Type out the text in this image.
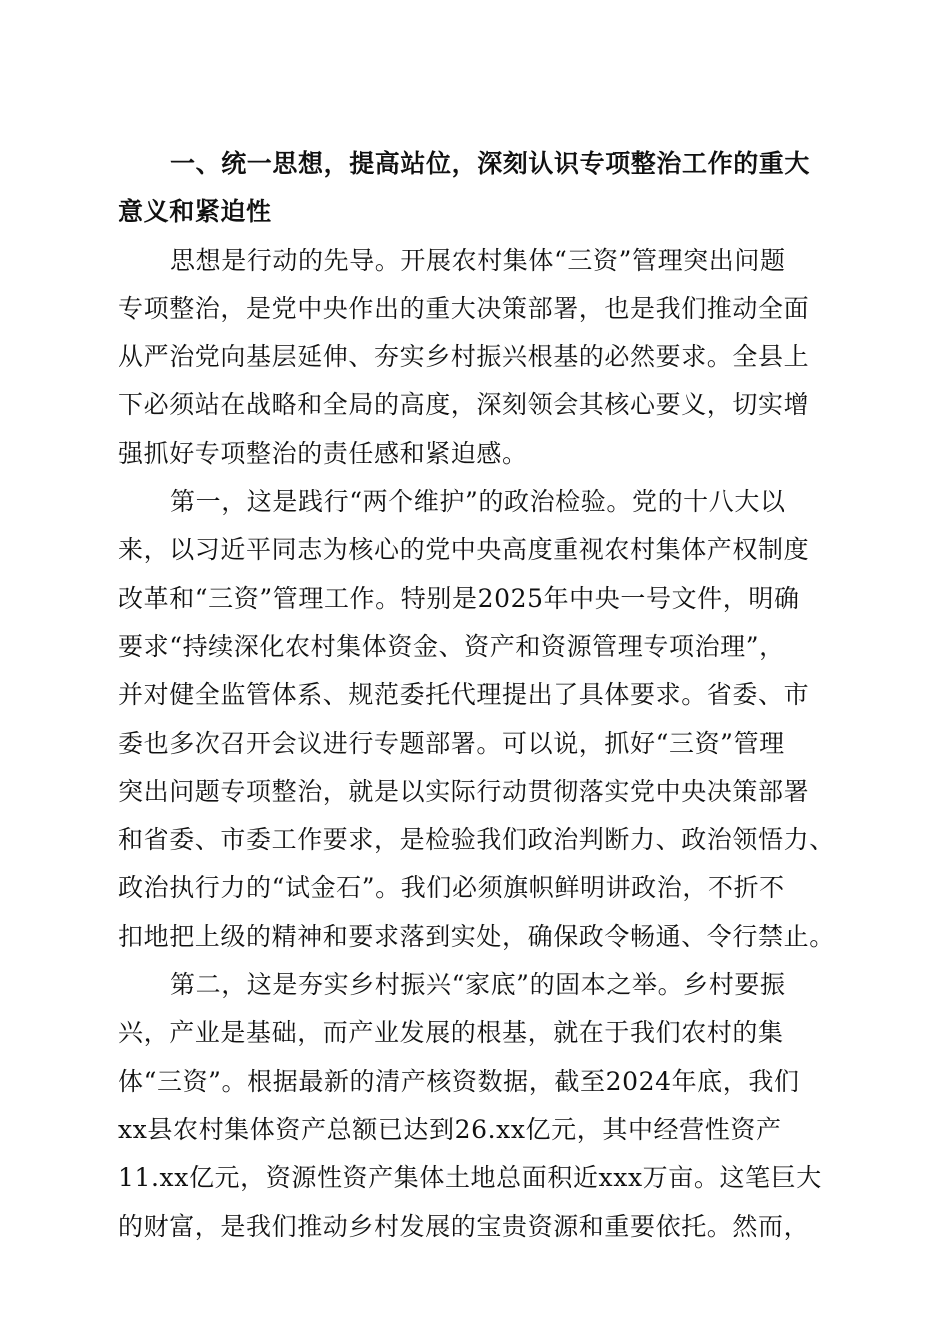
一、统一思想，提高站位，深刻认识专项整治工作的重大
意义和紧迫性
思想是行动的先导。开展农村集体“三资”管理突出问题
专项整治，是党中央作出的重大决策部署，也是我们推动全面
从严治党向基层延伸、夯实乡村振兴根基的必然要求。全县上
下必须站在战略和全局的高度，深刻领会其核心要义，切实增
强抓好专项整治的责任感和紧迫感。
第一，这是践行“两个维护”的政治检验。党的十八大以
来，以习近平同志为核心的党中央高度重视农村集体产权制度
改革和“三资”管理工作。特别是2025年中央一号文件，明确
要求“持续深化农村集体资金、资产和资源管理专项治理”，
并对健全监管体系、规范委托代理提出了具体要求。省委、市
委也多次召开会议进行专题部署。可以说，抓好“三资”管理
突出问题专项整治，就是以实际行动贯彻落实党中央决策部署
和省委、市委工作要求，是检验我们政治判断力、政治领悟力、
政治执行力的“试金石”。我们必须旗帜鲜明讲政治，不折不
扣地把上级的精神和要求落到实处，确保政令畅通、令行禁止。
第二，这是夯实乡村振兴“家底”的固本之举。乡村要振
兴，产业是基础，而产业发展的根基，就在于我们农村的集
体“三资”。根据最新的清产核资数据，截至2024年底，我们
xx县农村集体资产总额已达到26.xx亿元，其中经营性资产
11.xx亿元，资源性资产集体土地总面积近xxx万亩。这笔巨大
的财富，是我们推动乡村发展的宝贵资源和重要依托。然而，
